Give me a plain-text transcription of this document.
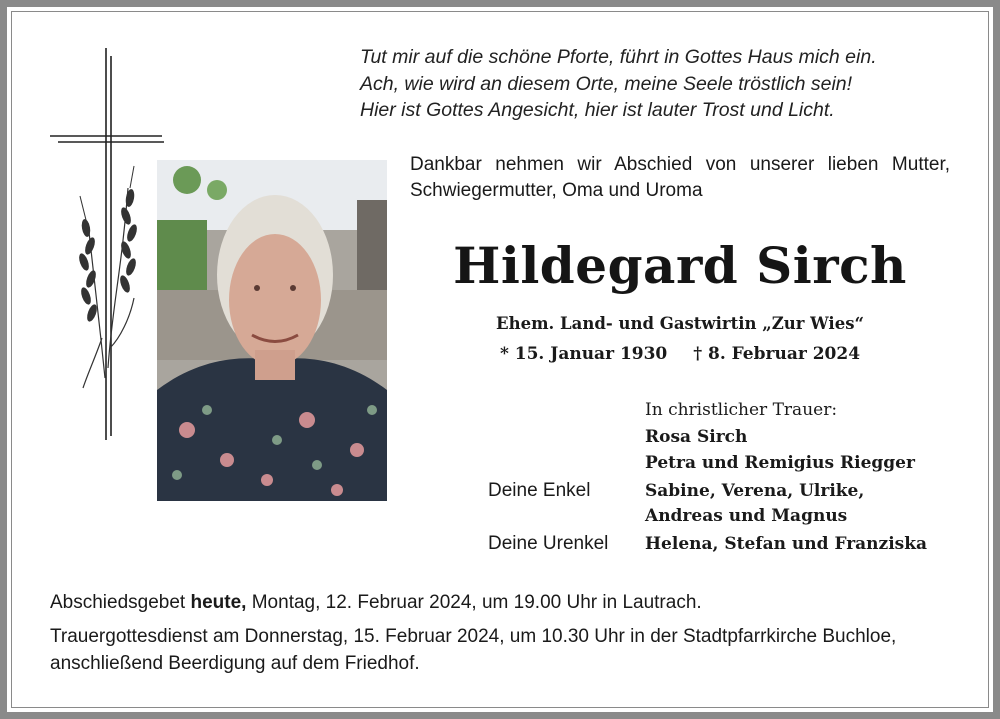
Tut mir auf die schöne Pforte, führt in Gottes Haus mich ein.
Ach, wie wird an diesem Orte, meine Seele tröstlich sein!
Hier ist Gottes Angesicht, hier ist lauter Trost und Licht.
Dankbar nehmen wir Abschied von unserer lieben Mutter, Schwiegermutter, Oma und Uroma
Hildegard Sirch
Ehem. Land- und Gastwirtin „Zur Wies“
* 15. Januar 1930 † 8. Februar 2024
In christlicher Trauer:
Rosa Sirch
Petra und Remigius Riegger
Deine Enkel	Sabine, Verena, Ulrike,
Andreas und Magnus
Deine Urenkel	Helena, Stefan und Franziska
Abschiedsgebet heute, Montag, 12. Februar 2024, um 19.00 Uhr in Lautrach.
Trauergottesdienst am Donnerstag, 15. Februar 2024, um 10.30 Uhr in der Stadtpfarrkirche Buchloe, anschließend Beerdigung auf dem Friedhof.
